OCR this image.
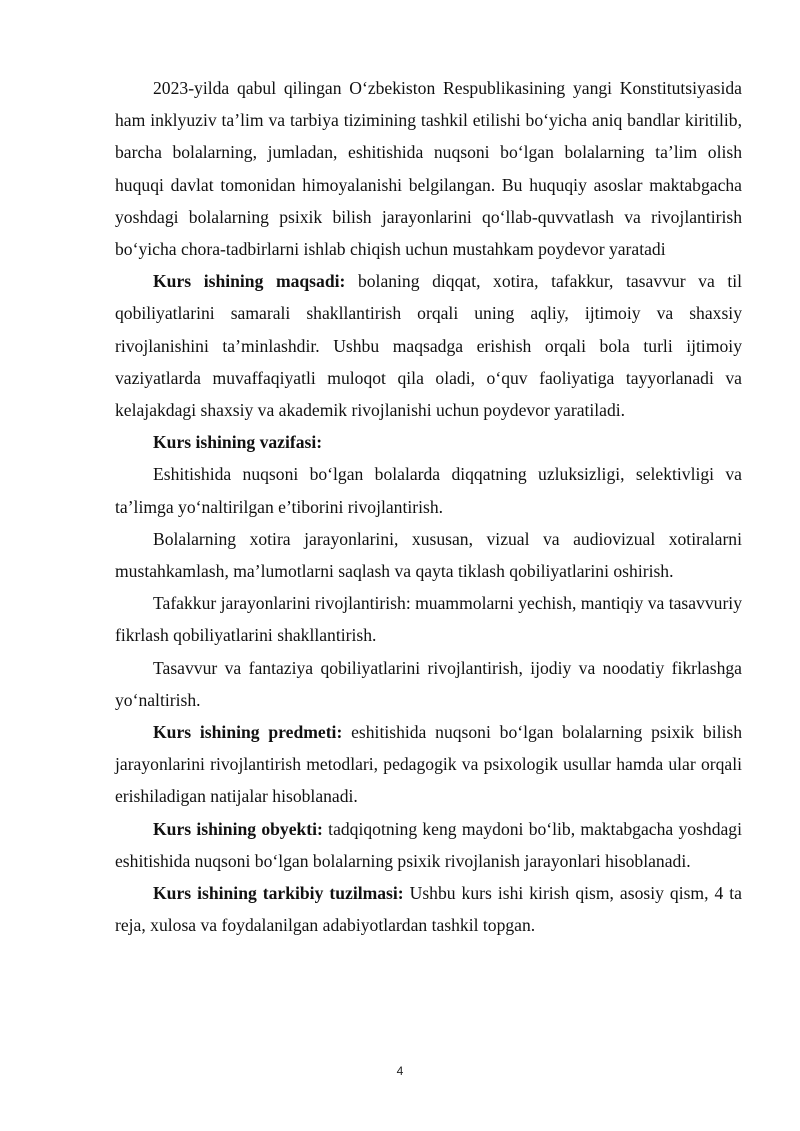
2023-yilda qabul qilingan O‘zbekiston Respublikasining yangi Konstitutsiyasida ham inklyuziv ta’lim va tarbiya tizimining tashkil etilishi bo‘yicha aniq bandlar kiritilib, barcha bolalarning, jumladan, eshitishida nuqsoni bo‘lgan bolalarning ta’lim olish huquqi davlat tomonidan himoyalanishi belgilangan. Bu huquqiy asoslar maktabgacha yoshdagi bolalarning psixik bilish jarayonlarini qo‘llab-quvvatlash va rivojlantirish bo‘yicha chora-tadbirlarni ishlab chiqish uchun mustahkam poydevor yaratadi

Kurs ishining maqsadi: bolaning diqqat, xotira, tafakkur, tasavvur va til qobiliyatlarini samarali shakllantirish orqali uning aqliy, ijtimoiy va shaxsiy rivojlanishini ta’minlashdir. Ushbu maqsadga erishish orqali bola turli ijtimoiy vaziyatlarda muvaffaqiyatli muloqot qila oladi, o‘quv faoliyatiga tayyorlanadi va kelajakdagi shaxsiy va akademik rivojlanishi uchun poydevor yaratiladi.

Kurs ishining vazifasi:

Eshitishida nuqsoni bo‘lgan bolalarda diqqatning uzluksizligi, selektivligi va ta’limga yo‘naltirilgan e’tiborini rivojlantirish.

Bolalarning xotira jarayonlarini, xususan, vizual va audiovizual xotiralarni mustahkamlash, ma’lumotlarni saqlash va qayta tiklash qobiliyatlarini oshirish.

Tafakkur jarayonlarini rivojlantirish: muammolarni yechish, mantiqiy va tasavvuriy fikrlash qobiliyatlarini shakllantirish.

Tasavvur va fantaziya qobiliyatlarini rivojlantirish, ijodiy va noodatiy fikrlashga yo‘naltirish.

Kurs ishining predmeti: eshitishida nuqsoni bo‘lgan bolalarning psixik bilish jarayonlarini rivojlantirish metodlari, pedagogik va psixologik usullar hamda ular orqali erishiladigan natijalar hisoblanadi.

Kurs ishining obyekti: tadqiqotning keng maydoni bo‘lib, maktabgacha yoshdagi eshitishida nuqsoni bo‘lgan bolalarning psixik rivojlanish jarayonlari hisoblanadi.

Kurs ishining tarkibiy tuzilmasi: Ushbu kurs ishi kirish qism, asosiy qism, 4 ta reja, xulosa va foydalanilgan adabiyotlardan tashkil topgan.

4
